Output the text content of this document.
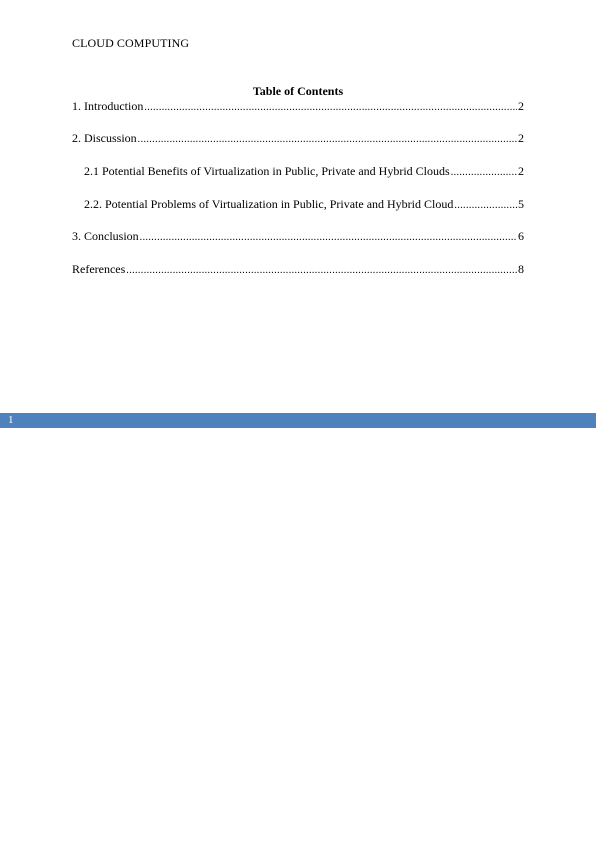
CLOUD COMPUTING
Table of Contents
1. Introduction .....	2
2. Discussion .....	2
2.1 Potential Benefits of Virtualization in Public, Private and Hybrid Clouds .....	2
2.2. Potential Problems of Virtualization in Public, Private and Hybrid Cloud .....	5
3. Conclusion .....	6
References .....	8
1
